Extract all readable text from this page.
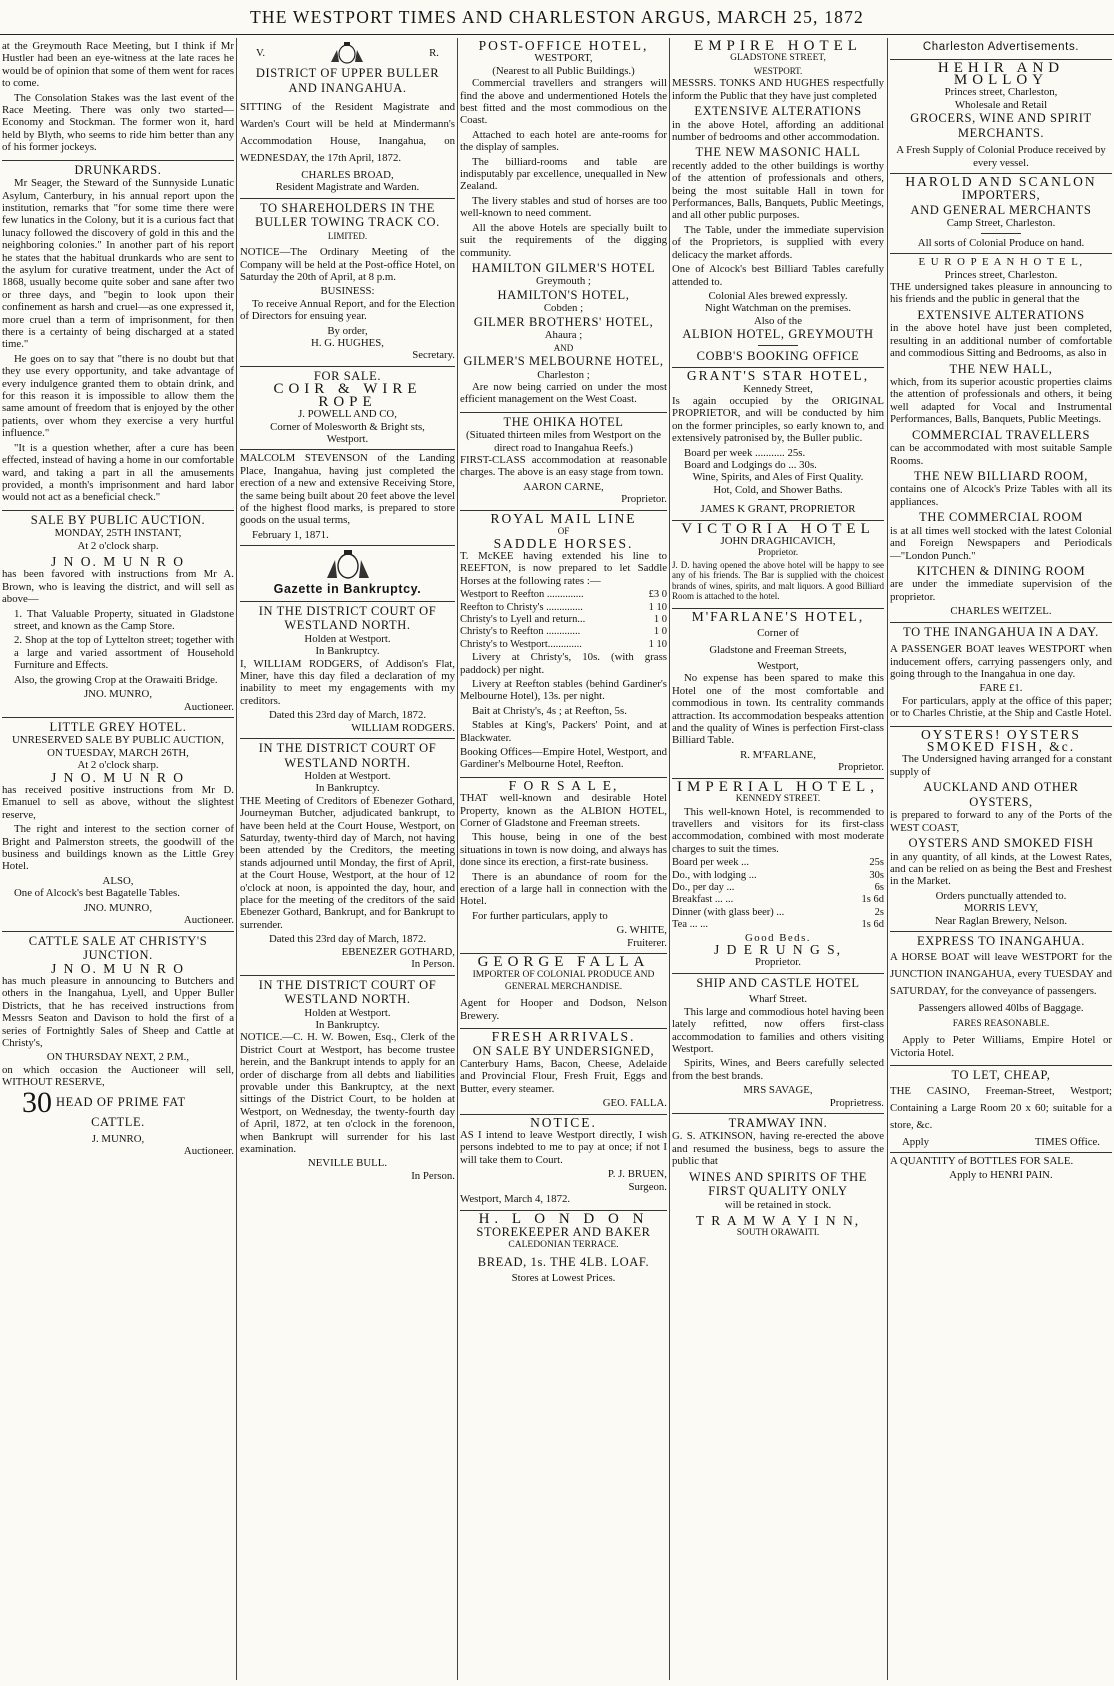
THE WESTPORT TIMES AND CHARLESTON ARGUS, MARCH 25, 1872

at the Greymouth Race Meeting, but I think if Mr Hustler had been an eye-witness at the late races he would be of opinion that some of them went for races to come.

The Consolation Stakes was the last event of the Race Meeting. There was only two started—Economy and Stockman. The former won it, hard held by Blyth, who seems to ride him better than any of his former jockeys.

DRUNKARDS.

Mr Seager, the Steward of the Sunnyside Lunatic Asylum, Canterbury, in his annual report upon the institution, remarks that "for some time there were few lunatics in the Colony, but it is a curious fact that lunacy followed the discovery of gold in this and the neighboring colonies." In another part of his report he states that the habitual drunkards who are sent to the asylum for curative treatment, under the Act of 1868, usually become quite sober and sane after two or three days, and "begin to look upon their confinement as harsh and cruel—as one expressed it, more cruel than a term of imprisonment, for then there is a certainty of being discharged at a stated time."

He goes on to say that "there is no doubt but that they use every opportunity, and take advantage of every indulgence granted them to obtain drink, and for this reason it is impossible to allow them the same amount of freedom that is enjoyed by the other patients, over whom they exercise a very hurtful influence."

"It is a question whether, after a cure has been effected, instead of having a home in our comfortable ward, and taking a part in all the amusements provided, a month's imprisonment and hard labor would not act as a beneficial check."

SALE BY PUBLIC AUCTION.
MONDAY, 25TH INSTANT,
At 2 o'clock sharp.
J N O. M U N R O

has been favored with instructions from Mr A. Brown, who is leaving the district, and will sell as above—

1. That Valuable Property, situated in Gladstone street, and known as the Camp Store.

2. Shop at the top of Lyttelton street; together with a large and varied assortment of Household Furniture and Effects.

Also, the growing Crop at the Orawaiti Bridge.

JNO. MUNRO,
Auctioneer.
LITTLE GREY HOTEL.
UNRESERVED SALE BY PUBLIC AUCTION,
ON TUESDAY, MARCH 26TH,
At 2 o'clock sharp.
J N O. M U N R O

has received positive instructions from Mr D. Emanuel to sell as above, without the slightest reserve,

The right and interest to the section corner of Bright and Palmerston streets, the goodwill of the business and buildings known as the Little Grey Hotel.

ALSO,

One of Alcock's best Bagatelle Tables.

JNO. MUNRO,
Auctioneer.
CATTLE SALE AT CHRISTY'S JUNCTION.
J N O. M U N R O

has much pleasure in announcing to Butchers and others in the Inangahua, Lyell, and Upper Buller Districts, that he has received instructions from Messrs Seaton and Davison to hold the first of a series of Fortnightly Sales of Sheep and Cattle at Christy's,

ON THURSDAY NEXT, 2 P.M.,

on which occasion the Auctioneer will sell, WITHOUT RESERVE,

30 HEAD OF PRIME FAT
CATTLE.
J. MUNRO,
Auctioneer.
V.	R.
DISTRICT OF UPPER BULLER
AND INANGAHUA.

SITTING of the Resident Magistrate and Warden's Court will be held at Mindermann's Accommodation House, Inangahua, on WEDNESDAY, the 17th April, 1872.

CHARLES BROAD,
Resident Magistrate and Warden.
TO SHAREHOLDERS IN THE BULLER TOWING TRACK CO.
LIMITED.

NOTICE—The Ordinary Meeting of the Company will be held at the Post-office Hotel, on Saturday the 20th of April, at 8 p.m.

BUSINESS:

To receive Annual Report, and for the Election of Directors for ensuing year.

By order,
H. G. HUGHES,
Secretary.
FOR SALE.
COIR & WIRE ROPE
J. POWELL AND CO,
Corner of Molesworth & Bright sts,
Westport.

MALCOLM STEVENSON of the Landing Place, Inangahua, having just completed the erection of a new and extensive Receiving Store, the same being built about 20 feet above the level of the highest flood marks, is prepared to store goods on the usual terms,

February 1, 1871.
Gazette in Bankruptcy.
IN THE DISTRICT COURT OF WESTLAND NORTH.
Holden at Westport.
In Bankruptcy.

I, WILLIAM RODGERS, of Addison's Flat, Miner, have this day filed a declaration of my inability to meet my engagements with my creditors.

Dated this 23rd day of March, 1872.
WILLIAM RODGERS.
IN THE DISTRICT COURT OF WESTLAND NORTH.
Holden at Westport.
In Bankruptcy.

THE Meeting of Creditors of Ebenezer Gothard, Journeyman Butcher, adjudicated bankrupt, to have been held at the Court House, Westport, on Saturday, twenty-third day of March, not having been attended by the Creditors, the meeting stands adjourned until Monday, the first of April, at the Court House, Westport, at the hour of 12 o'clock at noon, is appointed the day, hour, and place for the meeting of the creditors of the said Ebenezer Gothard, Bankrupt, and for Bankrupt to surrender.

Dated this 23rd day of March, 1872.
EBENEZER GOTHARD,
In Person.
IN THE DISTRICT COURT OF WESTLAND NORTH.
Holden at Westport.
In Bankruptcy.

NOTICE.—C. H. W. Bowen, Esq., Clerk of the District Court at Westport, has become trustee herein, and the Bankrupt intends to apply for an order of discharge from all debts and liabilities provable under this Bankruptcy, at the next sittings of the District Court, to be holden at Westport, on Wednesday, the twenty-fourth day of April, 1872, at ten o'clock in the forenoon, when Bankrupt will surrender for his last examination.

NEVILLE BULL.
In Person.
POST-OFFICE HOTEL,
WESTPORT,
(Nearest to all Public Buildings.)

Commercial travellers and strangers will find the above and undermentioned Hotels the best fitted and the most commodious on the Coast.

Attached to each hotel are ante-rooms for the display of samples.

The billiard-rooms and table are indisputably par excellence, unequalled in New Zealand.

The livery stables and stud of horses are too well-known to need comment.

All the above Hotels are specially built to suit the requirements of the digging community.

HAMILTON GILMER'S HOTEL
Greymouth ;
HAMILTON'S HOTEL,
Cobden ;
GILMER BROTHERS' HOTEL,
Ahaura ;
AND
GILMER'S MELBOURNE HOTEL,
Charleston ;

Are now being carried on under the most efficient management on the West Coast.

THE OHIKA HOTEL
(Situated thirteen miles from Westport on the direct road to Inangahua Reefs.)

FIRST-CLASS accommodation at reasonable charges. The above is an easy stage from town.

AARON CARNE,
Proprietor.
ROYAL MAIL LINE
OF
SADDLE HORSES.

T. McKEE having extended his line to REEFTON, is now prepared to let Saddle Horses at the following rates :—

Westport to Reefton ..............	£3 0
Reefton to Christy's ..............	1 10
Christy's to Lyell and return...	1 0
Christy's to Reefton .............	1 0
Christy's to Westport.............	1 10

Livery at Christy's, 10s. (with grass paddock) per night.

Livery at Reefton stables (behind Gardiner's Melbourne Hotel), 13s. per night.

Bait at Christy's, 4s ; at Reefton, 5s.

Stables at King's, Packers' Point, and at Blackwater.

Booking Offices—Empire Hotel, Westport, and Gardiner's Melbourne Hotel, Reefton.

F O R S A L E,

THAT well-known and desirable Hotel Property, known as the ALBION HOTEL, Corner of Gladstone and Freeman streets.

This house, being in one of the best situations in town is now doing, and always has done since its erection, a first-rate business.

There is an abundance of room for the erection of a large hall in connection with the Hotel.

For further particulars, apply to

G. WHITE,
Fruiterer.
GEORGE FALLA
IMPORTER OF COLONIAL PRODUCE AND GENERAL MERCHANDISE.

Agent for Hooper and Dodson, Nelson Brewery.

FRESH ARRIVALS.
ON SALE BY UNDERSIGNED,

Canterbury Hams, Bacon, Cheese, Adelaide and Provincial Flour, Fresh Fruit, Eggs and Butter, every steamer.

GEO. FALLA.
NOTICE.

AS I intend to leave Westport directly, I wish persons indebted to me to pay at once; if not I will take them to Court.

P. J. BRUEN,
Surgeon.
Westport, March 4, 1872.
H. L O N D O N
STOREKEEPER AND BAKER
CALEDONIAN TERRACE.
BREAD, 1s. THE 4LB. LOAF.
Stores at Lowest Prices.
EMPIRE HOTEL
GLADSTONE STREET,
WESTPORT.

MESSRS. TONKS AND HUGHES respectfully inform the Public that they have just completed

EXTENSIVE ALTERATIONS

in the above Hotel, affording an additional number of bedrooms and other accommodation.

THE NEW MASONIC HALL

recently added to the other buildings is worthy of the attention of professionals and others, being the most suitable Hall in town for Performances, Balls, Banquets, Public Meetings, and all other public purposes.

The Table, under the immediate supervision of the Proprietors, is supplied with every delicacy the market affords.

One of Alcock's best Billiard Tables carefully attended to.

Colonial Ales brewed expressly.
Night Watchman on the premises.
Also of the
ALBION HOTEL, GREYMOUTH
COBB'S BOOKING OFFICE
GRANT'S STAR HOTEL,
Kennedy Street,

Is again occupied by the ORIGINAL PROPRIETOR, and will be conducted by him on the former principles, so early known to, and extensively patronised by, the Buller public.

Board per week ........... 25s.
Board and Lodgings do ... 30s.
Wine, Spirits, and Ales of First Quality.
Hot, Cold, and Shower Baths.
JAMES K GRANT, PROPRIETOR
VICTORIA HOTEL
JOHN DRAGHICAVICH,
Proprietor.

J. D. having opened the above hotel will be happy to see any of his friends. The Bar is supplied with the choicest brands of wines, spirits, and malt liquors. A good Billiard Room is attached to the hotel.

M'FARLANE'S HOTEL,
Corner of
Gladstone and Freeman Streets,
Westport,

No expense has been spared to make this Hotel one of the most comfortable and commodious in town. Its centrality commands attraction. Its accommodation bespeaks attention and the quality of Wines is perfection First-class Billiard Table.

R. M'FARLANE,
Proprietor.
IMPERIAL HOTEL,
KENNEDY STREET.

This well-known Hotel, is recommended to travellers and visitors for its first-class accommodation, combined with most moderate charges to suit the times.

Board per week ...	25s
Do., with lodging ...	30s
Do., per day ...	6s
Breakfast ... ...	1s 6d
Dinner (with glass beer) ...	2s
Tea ... ...	1s 6d
Good Beds.
J D E R U N G S,
Proprietor.
SHIP AND CASTLE HOTEL
Wharf Street.

This large and commodious hotel having been lately refitted, now offers first-class accommodation to families and others visiting Westport.

Spirits, Wines, and Beers carefully selected from the best brands.

MRS SAVAGE,
Proprietress.
TRAMWAY INN.

G. S. ATKINSON, having re-erected the above and resumed the business, begs to assure the public that

WINES AND SPIRITS OF THE FIRST QUALITY ONLY
will be retained in stock.
T R A M W A Y I N N,
SOUTH ORAWAITI.
Charleston Advertisements.
HEHIR AND MOLLOY
Princes street, Charleston,
Wholesale and Retail
GROCERS, WINE AND SPIRIT MERCHANTS.
A Fresh Supply of Colonial Produce received by every vessel.
HAROLD AND SCANLON
IMPORTERS,
AND GENERAL MERCHANTS
Camp Street, Charleston.
All sorts of Colonial Produce on hand.
E U R O P E A N H O T E L,
Princes street, Charleston.

THE undersigned takes pleasure in announcing to his friends and the public in general that the

EXTENSIVE ALTERATIONS

in the above hotel have just been completed, resulting in an additional number of comfortable and commodious Sitting and Bedrooms, as also in

THE NEW HALL,

which, from its superior acoustic properties claims the attention of professionals and others, it being well adapted for Vocal and Instrumental Performances, Balls, Banquets, Public Meetings.

COMMERCIAL TRAVELLERS

can be accommodated with most suitable Sample Rooms.

THE NEW BILLIARD ROOM,

contains one of Alcock's Prize Tables with all its appliances.

THE COMMERCIAL ROOM

is at all times well stocked with the latest Colonial and Foreign Newspapers and Periodicals—"London Punch."

KITCHEN & DINING ROOM

are under the immediate supervision of the proprietor.

CHARLES WEITZEL.
TO THE INANGAHUA IN A DAY.

A PASSENGER BOAT leaves WESTPORT when inducement offers, carrying passengers only, and going through to the Inangahua in one day.

FARE £1.

For particulars, apply at the office of this paper; or to Charles Christie, at the Ship and Castle Hotel.

OYSTERS! OYSTERS SMOKED FISH, &c.

The Undersigned having arranged for a constant supply of

AUCKLAND AND OTHER OYSTERS,

is prepared to forward to any of the Ports of the WEST COAST,

OYSTERS AND SMOKED FISH

in any quantity, of all kinds, at the Lowest Rates, and can be relied on as being the Best and Freshest in the Market.

Orders punctually attended to.
MORRIS LEVY,
Near Raglan Brewery, Nelson.
EXPRESS TO INANGAHUA.

A HORSE BOAT will leave WESTPORT for the JUNCTION INANGAHUA, every TUESDAY and SATURDAY, for the conveyance of passengers.

Passengers allowed 40lbs of Baggage.
FARES REASONABLE.

Apply to Peter Williams, Empire Hotel or Victoria Hotel.

TO LET, CHEAP,

THE CASINO, Freeman-Street, Westport; Containing a Large Room 20 x 60; suitable for a store, &c.

Apply	TIMES Office.

A QUANTITY of BOTTLES FOR SALE.

Apply to HENRI PAIN.
